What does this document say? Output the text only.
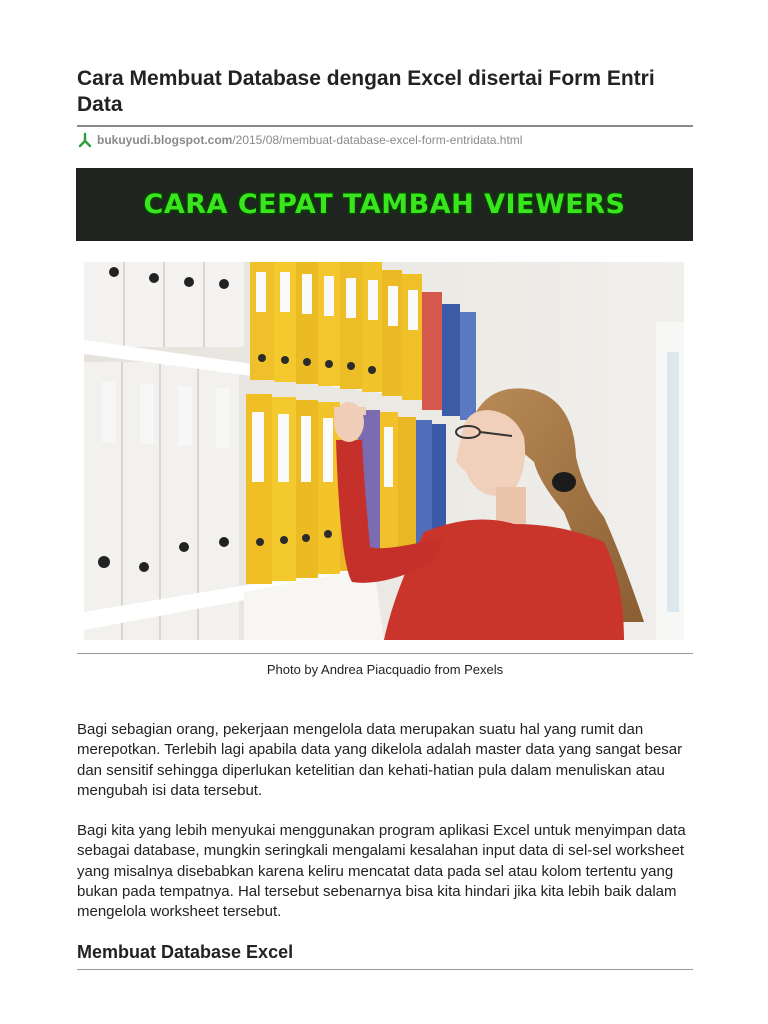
Cara Membuat Database dengan Excel disertai Form Entri Data
bukuyudi.blogspot.com /2015/08/membuat-database-excel-form-entridata.html
CARA CEPAT TAMBAH VIEWERS
Photo by Andrea Piacquadio from Pexels

Bagi sebagian orang, pekerjaan mengelola data merupakan suatu hal yang rumit dan merepotkan. Terlebih lagi apabila data yang dikelola adalah master data yang sangat besar dan sensitif sehingga diperlukan ketelitian dan kehati-hatian pula dalam menuliskan atau mengubah isi data tersebut.

Bagi kita yang lebih menyukai menggunakan program aplikasi Excel untuk menyimpan data sebagai database, mungkin seringkali mengalami kesalahan input data di sel-sel worksheet yang misalnya disebabkan karena keliru mencatat data pada sel atau kolom tertentu yang bukan pada tempatnya. Hal tersebut sebenarnya bisa kita hindari jika kita lebih baik dalam mengelola worksheet tersebut.

Membuat Database Excel
